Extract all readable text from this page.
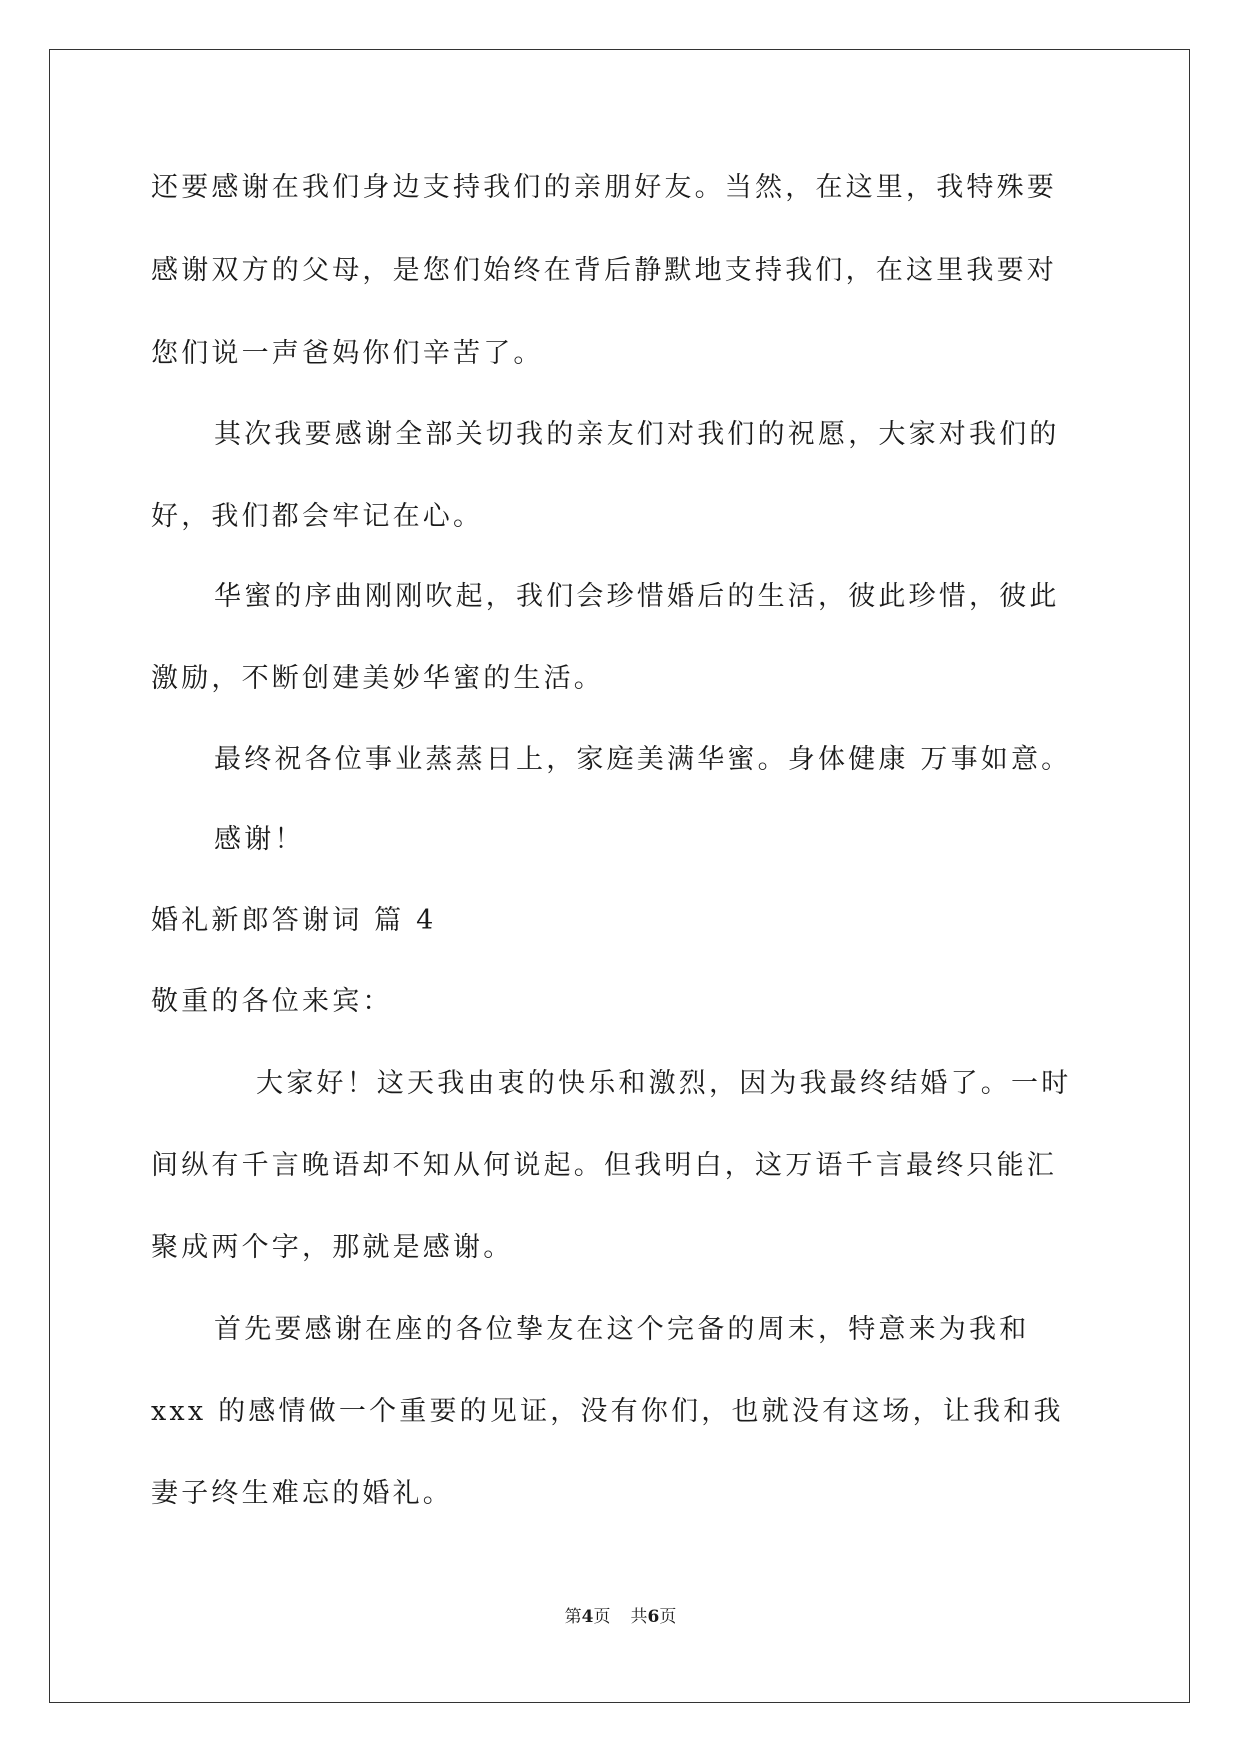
还要感谢在我们身边支持我们的亲朋好友。当然，在这里，我特殊要
感谢双方的父母，是您们始终在背后静默地支持我们，在这里我要对
您们说一声爸妈你们辛苦了。
其次我要感谢全部关切我的亲友们对我们的祝愿，大家对我们的
好，我们都会牢记在心。
华蜜的序曲刚刚吹起，我们会珍惜婚后的生活，彼此珍惜，彼此
激励，不断创建美妙华蜜的生活。
最终祝各位事业蒸蒸日上，家庭美满华蜜。身体健康 万事如意。
感谢！
婚礼新郎答谢词 篇 4
敬重的各位来宾：
大家好！这天我由衷的快乐和激烈，因为我最终结婚了。一时
间纵有千言晚语却不知从何说起。但我明白，这万语千言最终只能汇
聚成两个字，那就是感谢。
首先要感谢在座的各位挚友在这个完备的周末，特意来为我和
xxx 的感情做一个重要的见证，没有你们，也就没有这场，让我和我
妻子终生难忘的婚礼。
第4页 共6页
